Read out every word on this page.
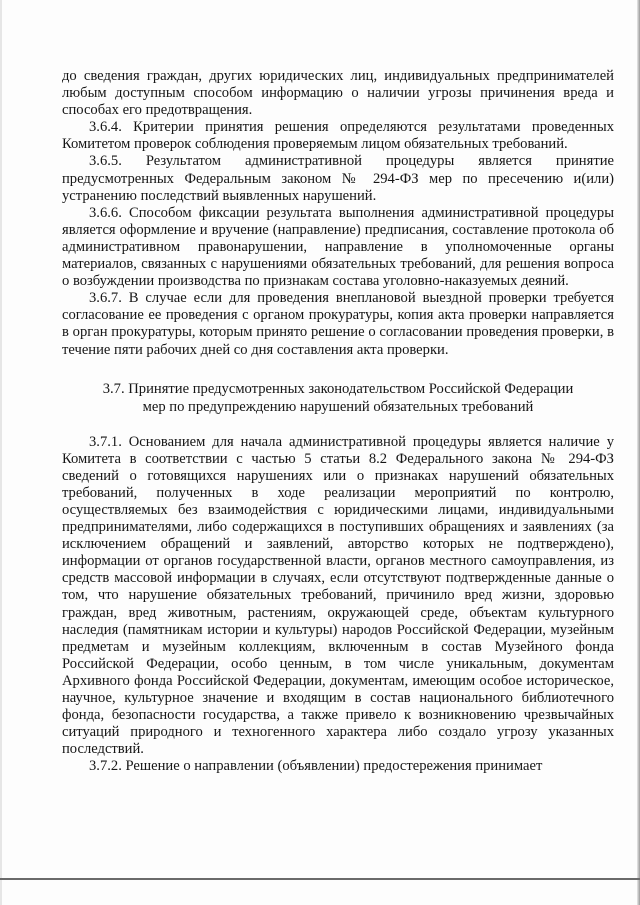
до сведения граждан, других юридических лиц, индивидуальных предпринимателей любым доступным способом информацию о наличии угрозы причинения вреда и способах его предотвращения.

3.6.4. Критерии принятия решения определяются результатами проведенных Комитетом проверок соблюдения проверяемым лицом обязательных требований.

3.6.5. Результатом административной процедуры является принятие предусмотренных Федеральным законом № 294-ФЗ мер по пресечению и(или) устранению последствий выявленных нарушений.

3.6.6. Способом фиксации результата выполнения административной процедуры является оформление и вручение (направление) предписания, составление протокола об административном правонарушении, направление в уполномоченные органы материалов, связанных с нарушениями обязательных требований, для решения вопроса о возбуждении производства по признакам состава уголовно-наказуемых деяний.

3.6.7. В случае если для проведения внеплановой выездной проверки требуется согласование ее проведения с органом прокуратуры, копия акта проверки направляется в орган прокуратуры, которым принято решение о согласовании проведения проверки, в течение пяти рабочих дней со дня составления акта проверки.

3.7. Принятие предусмотренных законодательством Российской Федерации
мер по предупреждению нарушений обязательных требований

3.7.1. Основанием для начала административной процедуры является наличие у Комитета в соответствии с частью 5 статьи 8.2 Федерального закона № 294-ФЗ сведений о готовящихся нарушениях или о признаках нарушений обязательных требований, полученных в ходе реализации мероприятий по контролю, осуществляемых без взаимодействия с юридическими лицами, индивидуальными предпринимателями, либо содержащихся в поступивших обращениях и заявлениях (за исключением обращений и заявлений, авторство которых не подтверждено), информации от органов государственной власти, органов местного самоуправления, из средств массовой информации в случаях, если отсутствуют подтвержденные данные о том, что нарушение обязательных требований, причинило вред жизни, здоровью граждан, вред животным, растениям, окружающей среде, объектам культурного наследия (памятникам истории и культуры) народов Российской Федерации, музейным предметам и музейным коллекциям, включенным в состав Музейного фонда Российской Федерации, особо ценным, в том числе уникальным, документам Архивного фонда Российской Федерации, документам, имеющим особое историческое, научное, культурное значение и входящим в состав национального библиотечного фонда, безопасности государства, а также привело к возникновению чрезвычайных ситуаций природного и техногенного характера либо создало угрозу указанных последствий.

3.7.2. Решение о направлении (объявлении) предостережения принимает
